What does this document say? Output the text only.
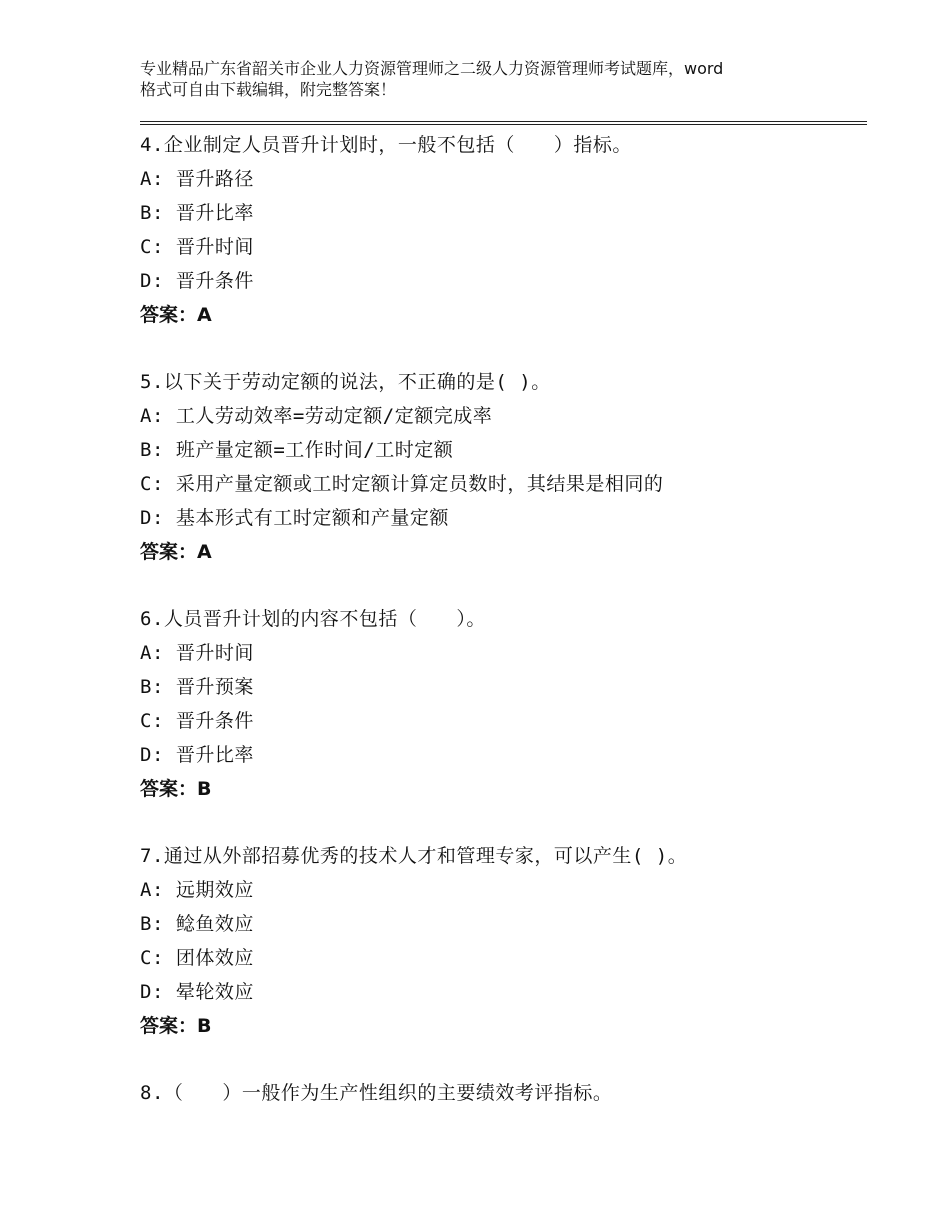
专业精品广东省韶关市企业人力资源管理师之二级人力资源管理师考试题库，word
格式可自由下载编辑，附完整答案！
4.企业制定人员晋升计划时，一般不包括（　　）指标。
A: 晋升路径
B: 晋升比率
C: 晋升时间
D: 晋升条件
答案：A
5.以下关于劳动定额的说法，不正确的是( )。
A: 工人劳动效率=劳动定额/定额完成率
B: 班产量定额=工作时间/工时定额
C: 采用产量定额或工时定额计算定员数时，其结果是相同的
D: 基本形式有工时定额和产量定额
答案：A
6.人员晋升计划的内容不包括（　　）。
A: 晋升时间
B: 晋升预案
C: 晋升条件
D: 晋升比率
答案：B
7.通过从外部招募优秀的技术人才和管理专家，可以产生( )。
A: 远期效应
B: 鲶鱼效应
C: 团体效应
D: 晕轮效应
答案：B
8.（　　）一般作为生产性组织的主要绩效考评指标。
